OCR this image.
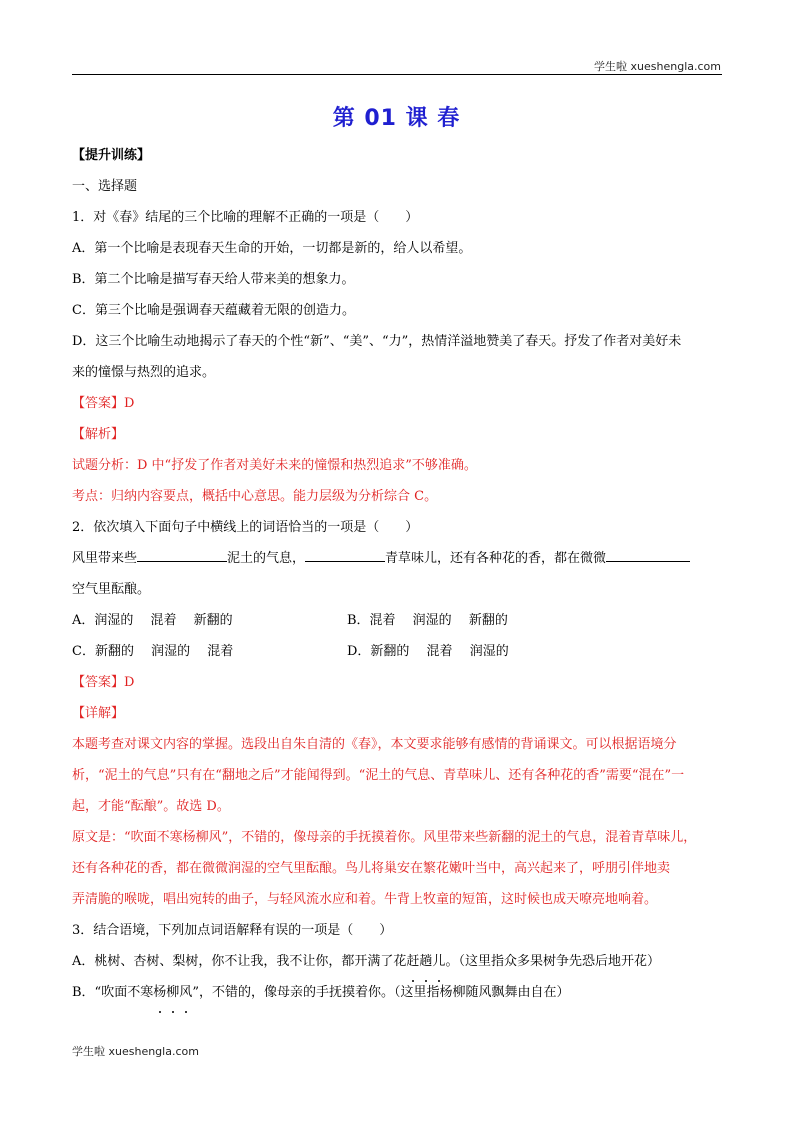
学生啦 xueshengla.com
第 01 课 春

【提升训练】

一、选择题

1．对《春》结尾的三个比喻的理解不正确的一项是（　　）

A．第一个比喻是表现春天生命的开始，一切都是新的，给人以希望。

B．第二个比喻是描写春天给人带来美的想象力。

C．第三个比喻是强调春天蕴藏着无限的创造力。

D．这三个比喻生动地揭示了春天的个性“新”、“美”、“力”，热情洋溢地赞美了春天。抒发了作者对美好未

来的憧憬与热烈的追求。

【答案】D

【解析】

试题分析：D 中“抒发了作者对美好未来的憧憬和热烈追求”不够准确。

考点：归纳内容要点，概括中心意思。能力层级为分析综合 C。

2．依次填入下面句子中横线上的词语恰当的一项是（　　）

风里带来些	泥土的气息，	青草味儿，还有各种花的香，都在微微

空气里酝酿。

A．润湿的　 混着　 新翻的	B．混着　 润湿的　 新翻的
C．新翻的　 润湿的　 混着	D．新翻的　 混着　 润湿的

【答案】D

【详解】

本题考查对课文内容的掌握。选段出自朱自清的《春》，本文要求能够有感情的背诵课文。可以根据语境分

析，“泥土的气息”只有在“翻地之后”才能闻得到。“泥土的气息、青草味儿、还有各种花的香”需要“混在”一

起，才能“酝酿”。故选 D。

原文是：“吹面不寒杨柳风”，不错的，像母亲的手抚摸着你。风里带来些新翻的泥土的气息，混着青草味儿，

还有各种花的香，都在微微润湿的空气里酝酿。鸟儿将巢安在繁花嫩叶当中，高兴起来了，呼朋引伴地卖

弄清脆的喉咙，唱出宛转的曲子，与轻风流水应和着。牛背上牧童的短笛，这时候也成天嘹亮地响着。

3．结合语境，下列加点词语解释有误的一项是（　　）

A．桃树、杏树、梨树，你不让我，我不让你，都开满了花赶趟儿。（这里指众多果树争先恐后地开花）

B．“吹面不寒杨柳风”，不错的，像母亲的手抚摸着你。（这里指杨柳随风飘舞由自在）

学生啦 xueshengla.com
